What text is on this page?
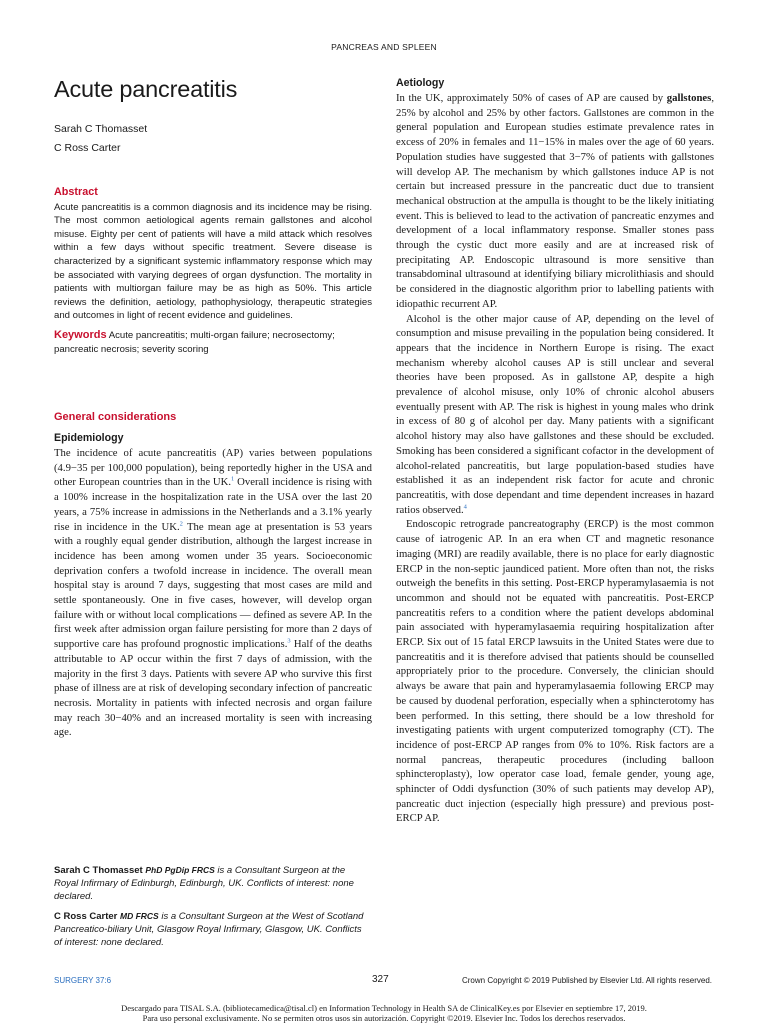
PANCREAS AND SPLEEN
Acute pancreatitis
Sarah C Thomasset
C Ross Carter
Abstract
Acute pancreatitis is a common diagnosis and its incidence may be rising. The most common aetiological agents remain gallstones and alcohol misuse. Eighty per cent of patients will have a mild attack which resolves within a few days without specific treatment. Severe disease is characterized by a significant systemic inflammatory response which may be associated with varying degrees of organ dysfunction. The mortality in patients with multiorgan failure may be as high as 50%. This article reviews the definition, aetiology, pathophysiology, therapeutic strategies and outcomes in light of recent evidence and guidelines.
Keywords Acute pancreatitis; multi-organ failure; necrosectomy; pancreatic necrosis; severity scoring
General considerations
Epidemiology

The incidence of acute pancreatitis (AP) varies between populations (4.9−35 per 100,000 population), being reportedly higher in the USA and other European countries than in the UK.$^1$ Overall incidence is rising with a 100% increase in the hospitalization rate in the USA over the last 20 years, a 75% increase in admissions in the Netherlands and a 3.1% yearly rise in incidence in the UK.$^2$ The mean age at presentation is 53 years with a roughly equal gender distribution, although the largest increase in incidence has been among women under 35 years. Socioeconomic deprivation confers a twofold increase in incidence. The overall mean hospital stay is around 7 days, suggesting that most cases are mild and settle spontaneously. One in five cases, however, will develop organ failure with or without local complications — defined as severe AP. In the first week after admission organ failure persisting for more than 2 days of supportive care has profound prognostic implications.$^3$ Half of the deaths attributable to AP occur within the first 7 days of admission, with the majority in the first 3 days. Patients with severe AP who survive this first phase of illness are at risk of developing secondary infection of pancreatic necrosis. Mortality in patients with infected necrosis and organ failure may reach 30−40% and an increased mortality is seen with increasing age.

Aetiology

In the UK, approximately 50% of cases of AP are caused by gallstones, 25% by alcohol and 25% by other factors. Gallstones are common in the general population and European studies estimate prevalence rates in excess of 20% in females and 11−15% in males over the age of 60 years. Population studies have suggested that 3−7% of patients with gallstones will develop AP. The mechanism by which gallstones induce AP is not certain but increased pressure in the pancreatic duct due to transient mechanical obstruction at the ampulla is thought to be the likely initiating event. This is believed to lead to the activation of pancreatic enzymes and development of a local inflammatory response. Smaller stones pass through the cystic duct more easily and are at increased risk of precipitating AP. Endoscopic ultrasound is more sensitive than transabdominal ultrasound at identifying biliary microlithiasis and should be considered in the diagnostic algorithm prior to labelling patients with idiopathic recurrent AP.

Alcohol is the other major cause of AP, depending on the level of consumption and misuse prevailing in the population being considered. It appears that the incidence in Northern Europe is rising. The exact mechanism whereby alcohol causes AP is still unclear and several theories have been proposed. As in gallstone AP, despite a high prevalence of alcohol misuse, only 10% of chronic alcohol abusers eventually present with AP. The risk is highest in young males who drink in excess of 80 g of alcohol per day. Many patients with a significant alcohol history may also have gallstones and these should be excluded. Smoking has been considered a significant cofactor in the development of alcohol-related pancreatitis, but large population-based studies have established it as an independent risk factor for acute and chronic pancreatitis, with dose dependant and time dependent increases in hazard ratios observed.$^4$

Endoscopic retrograde pancreatography (ERCP) is the most common cause of iatrogenic AP. In an era when CT and magnetic resonance imaging (MRI) are readily available, there is no place for early diagnostic ERCP in the non-septic jaundiced patient. More often than not, the risks outweigh the benefits in this setting. Post-ERCP hyperamylasaemia is not uncommon and should not be equated with pancreatitis. Post-ERCP pancreatitis refers to a condition where the patient develops abdominal pain associated with hyperamylasaemia requiring hospitalization after ERCP. Six out of 15 fatal ERCP lawsuits in the United States were due to pancreatitis and it is therefore advised that patients should be counselled appropriately prior to the procedure. Conversely, the clinician should always be aware that pain and hyperamylasaemia following ERCP may be caused by duodenal perforation, especially when a sphincterotomy has been performed. In this setting, there should be a low threshold for investigating patients with urgent computerized tomography (CT). The incidence of post-ERCP AP ranges from 0% to 10%. Risk factors are a normal pancreas, therapeutic procedures (including balloon sphincteroplasty), low operator case load, female gender, young age, sphincter of Oddi dysfunction (30% of such patients may develop AP), pancreatic duct injection (especially high pressure) and previous post-ERCP AP.

Sarah C Thomasset PhD PgDip FRCS is a Consultant Surgeon at the Royal Infirmary of Edinburgh, Edinburgh, UK. Conflicts of interest: none declared.

C Ross Carter MD FRCS is a Consultant Surgeon at the West of Scotland Pancreatico-biliary Unit, Glasgow Royal Infirmary, Glasgow, UK. Conflicts of interest: none declared.

SURGERY 37:6	327	Crown Copyright © 2019 Published by Elsevier Ltd. All rights reserved.
Descargado para TISAL S.A. (bibliotecamedica@tisal.cl) en Information Technology in Health SA de ClinicalKey.es por Elsevier en septiembre 17, 2019.
Para uso personal exclusivamente. No se permiten otros usos sin autorización. Copyright ©2019. Elsevier Inc. Todos los derechos reservados.
